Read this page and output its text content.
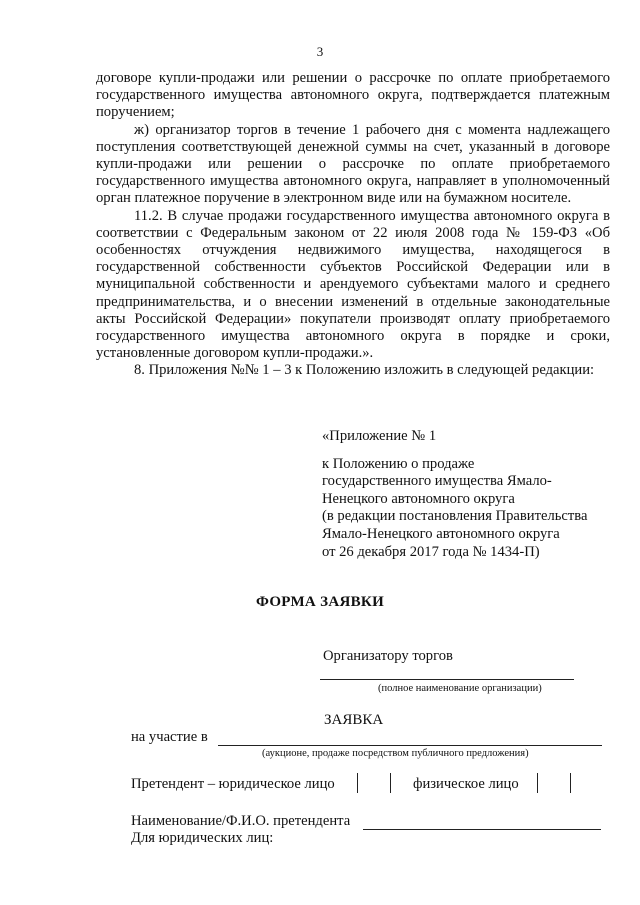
3

договоре купли-продажи или решении о рассрочке по оплате приобретаемого государственного имущества автономного округа, подтверждается платежным поручением;

ж) организатор торгов в течение 1 рабочего дня с момента надлежащего поступления соответствующей денежной суммы на счет, указанный в договоре купли-продажи или решении о рассрочке по оплате приобретаемого государственного имущества автономного округа, направляет в уполномоченный орган платежное поручение в электронном виде или на бумажном носителе.

11.2. В случае продажи государственного имущества автономного округа в соответствии с Федеральным законом от 22 июля 2008 года № 159-ФЗ «Об особенностях отчуждения недвижимого имущества, находящегося в государственной собственности субъектов Российской Федерации или в муниципальной собственности и арендуемого субъектами малого и среднего предпринимательства, и о внесении изменений в отдельные законодательные акты Российской Федерации» покупатели производят оплату приобретаемого государственного имущества автономного округа в порядке и сроки, установленные договором купли-продажи.».

8. Приложения №№ 1 – 3 к Положению изложить в следующей редакции:

«Приложение № 1

к Положению о продаже

государственного имущества Ямало-

Ненецкого автономного округа

(в редакции постановления Правительства

Ямало-Ненецкого автономного округа

от 26 декабря 2017 года № 1434-П)

ФОРМА ЗАЯВКИ
Организатору торгов
(полное наименование организации)
ЗАЯВКА
на участие в
(аукционе, продаже посредством публичного предложения)
Претендент – юридическое лицо	физическое лицо
Наименование/Ф.И.О. претендента
Для юридических лиц:
